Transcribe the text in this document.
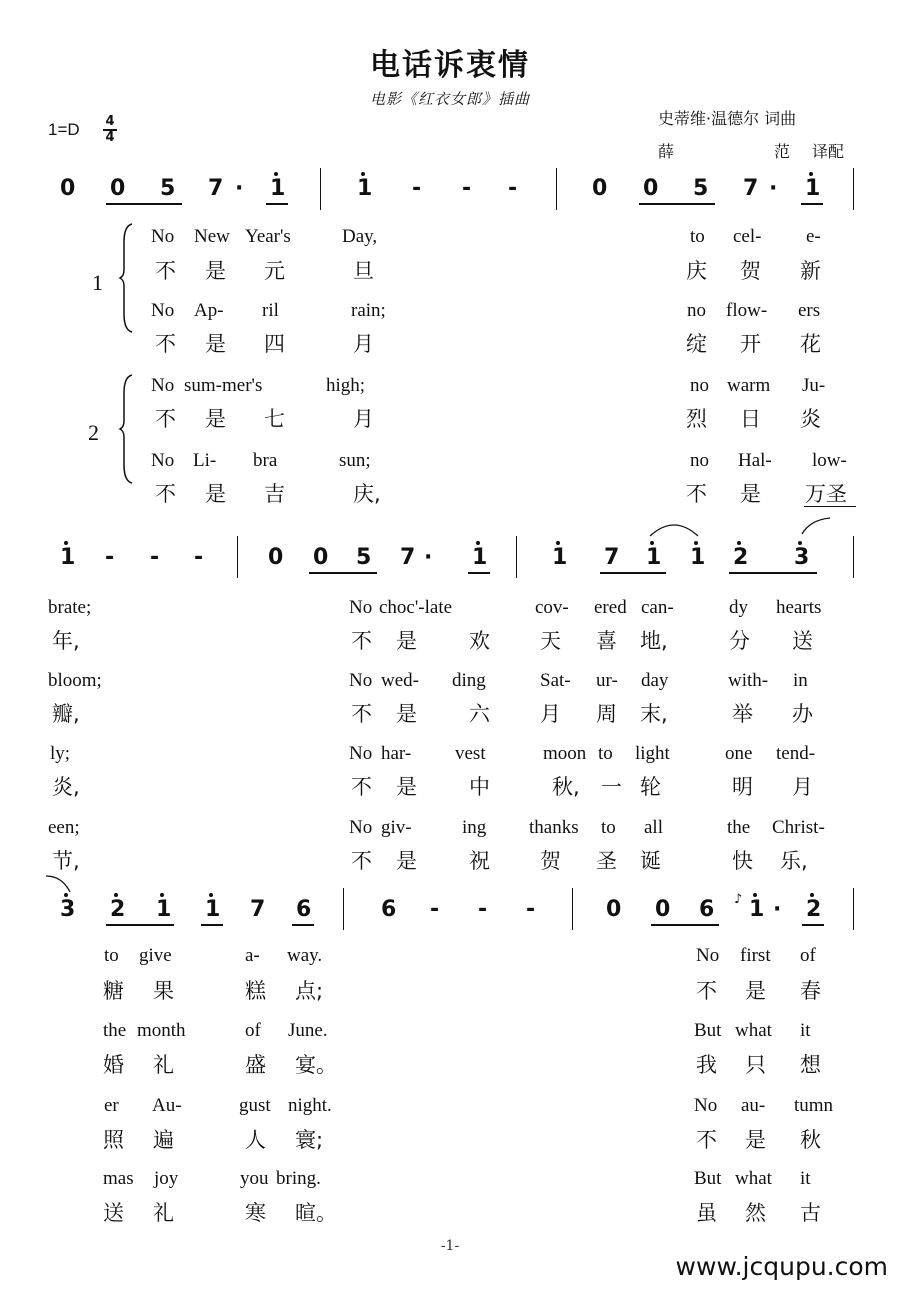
电话诉衷情
电影《红衣女郎》插曲
史蒂维·温德尔 词曲
薛	范 译配
1=D 4
4
0 0 5 7 · 1	1 - - -	0 0 5 7 · 1
1
2
No New Year's	Day,	to cel- e-
不 是 元	旦	庆 贺 新
No Ap- ril	rain;	no flow- ers
不 是 四	月	绽 开 花
No sum-mer's	high;	no warm Ju-
不 是 七	月	烈 日 炎
No Li- bra	sun;	no Hal- low-
不 是 吉	庆,	不 是 万圣
1 - - -	0 0 5 7 · 1	1 7 1 1 2 3
brate;	No choc'-late	cov- ered can-	dy hearts
年,	不 是 欢 天 喜 地,	分 送
bloom;	No wed- ding	Sat- ur- day	with- in
瓣,	不 是 六 月 周 末,	举 办
ly;	No har- vest	moon to light	one tend-
炎,	不 是 中	秋, 一 轮	明 月
een;	No giv-	ing thanks to all	the Christ-
节,	不 是 祝 贺 圣 诞	快 乐,
3 2 1 1 7 6	6 - - -	0 0 6 ♪ 1 · 2
to give	a- way.	No first of
糖 果	糕 点;	不 是 春
the month	of June.	But what it
婚 礼	盛 宴。	我 只 想
er Au-	gust night.	No au- tumn
照 遍	人 寰;	不 是 秋
mas joy	you bring.	But what it
送 礼	寒 暄。	虽 然 古
-1-
www.jcqupu.com
